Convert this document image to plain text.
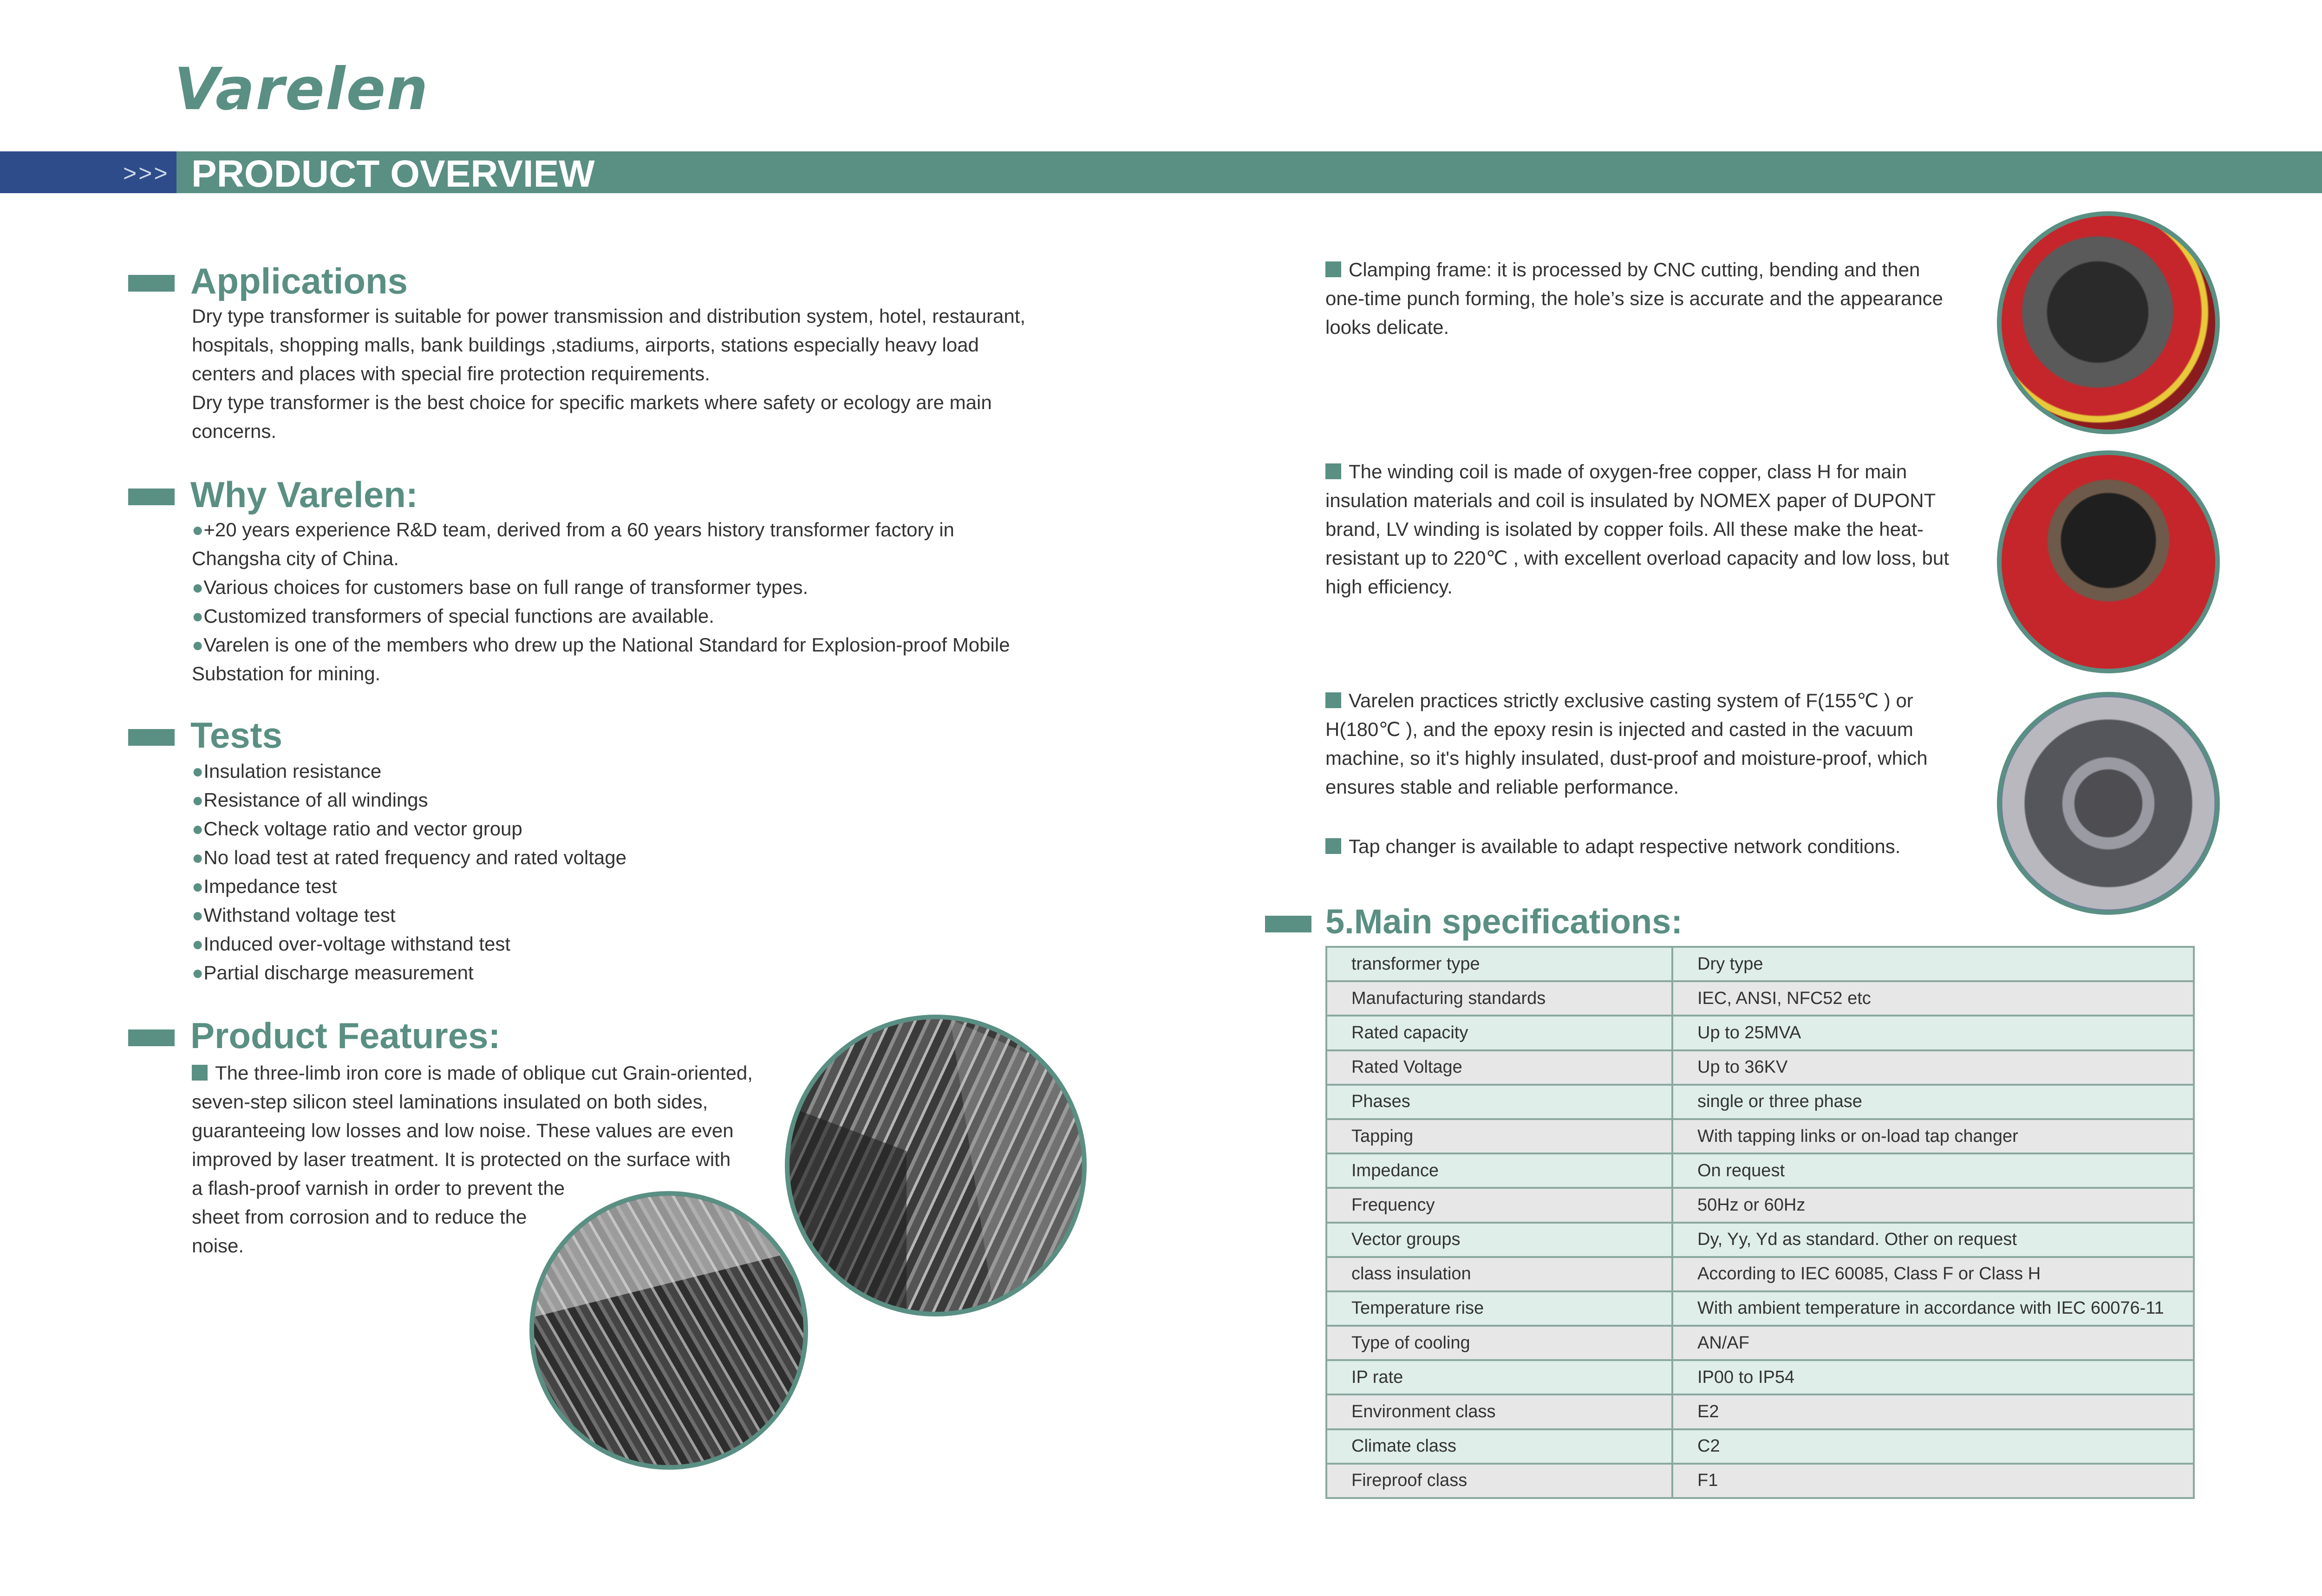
Varelen
>>> PRODUCT OVERVIEW
Applications

Dry type transformer is suitable for power transmission and distribution system, hotel, restaurant,

hospitals, shopping malls, bank buildings ,stadiums, airports, stations especially heavy load

centers and places with special fire protection requirements.

Dry type transformer is the best choice for specific markets where safety or ecology are main

concerns.

Why Varelen:

●+20 years experience R&D team, derived from a 60 years history transformer factory in

Changsha city of China.

●Various choices for customers base on full range of transformer types.

●Customized transformers of special functions are available.

●Varelen is one of the members who drew up the National Standard for Explosion-proof Mobile

Substation for mining.

Tests

●Insulation resistance

●Resistance of all windings

●Check voltage ratio and vector group

●No load test at rated frequency and rated voltage

●Impedance test

●Withstand voltage test

●Induced over-voltage withstand test

●Partial discharge measurement

Product Features:

The three-limb iron core is made of oblique cut Grain-oriented,

seven-step silicon steel laminations insulated on both sides,

guaranteeing low losses and low noise. These values are even

improved by laser treatment. It is protected on the surface with

a flash-proof varnish in order to prevent the

sheet from corrosion and to reduce the

noise.

Clamping frame: it is processed by CNC cutting, bending and then

one-time punch forming, the hole’s size is accurate and the appearance

looks delicate.

The winding coil is made of oxygen-free copper, class H for main

insulation materials and coil is insulated by NOMEX paper of DUPONT

brand, LV winding is isolated by copper foils. All these make the heat-

resistant up to 220℃ , with excellent overload capacity and low loss, but

high efficiency.

Varelen practices strictly exclusive casting system of F(155℃ ) or

H(180℃ ), and the epoxy resin is injected and casted in the vacuum

machine, so it's highly insulated, dust-proof and moisture-proof, which

ensures stable and reliable performance.

Tap changer is available to adapt respective network conditions.

5.Main specifications:
transformer type	Dry type
Manufacturing standards	IEC, ANSI, NFC52 etc
Rated capacity	Up to 25MVA
Rated Voltage	Up to 36KV
Phases	single or three phase
Tapping	With tapping links or on-load tap changer
Impedance	On request
Frequency	50Hz or 60Hz
Vector groups	Dy, Yy, Yd as standard. Other on request
class insulation	According to IEC 60085, Class F or Class H
Temperature rise	With ambient temperature in accordance with IEC 60076-11
Type of cooling	AN/AF
IP rate	IP00 to IP54
Environment class	E2
Climate class	C2
Fireproof class	F1
